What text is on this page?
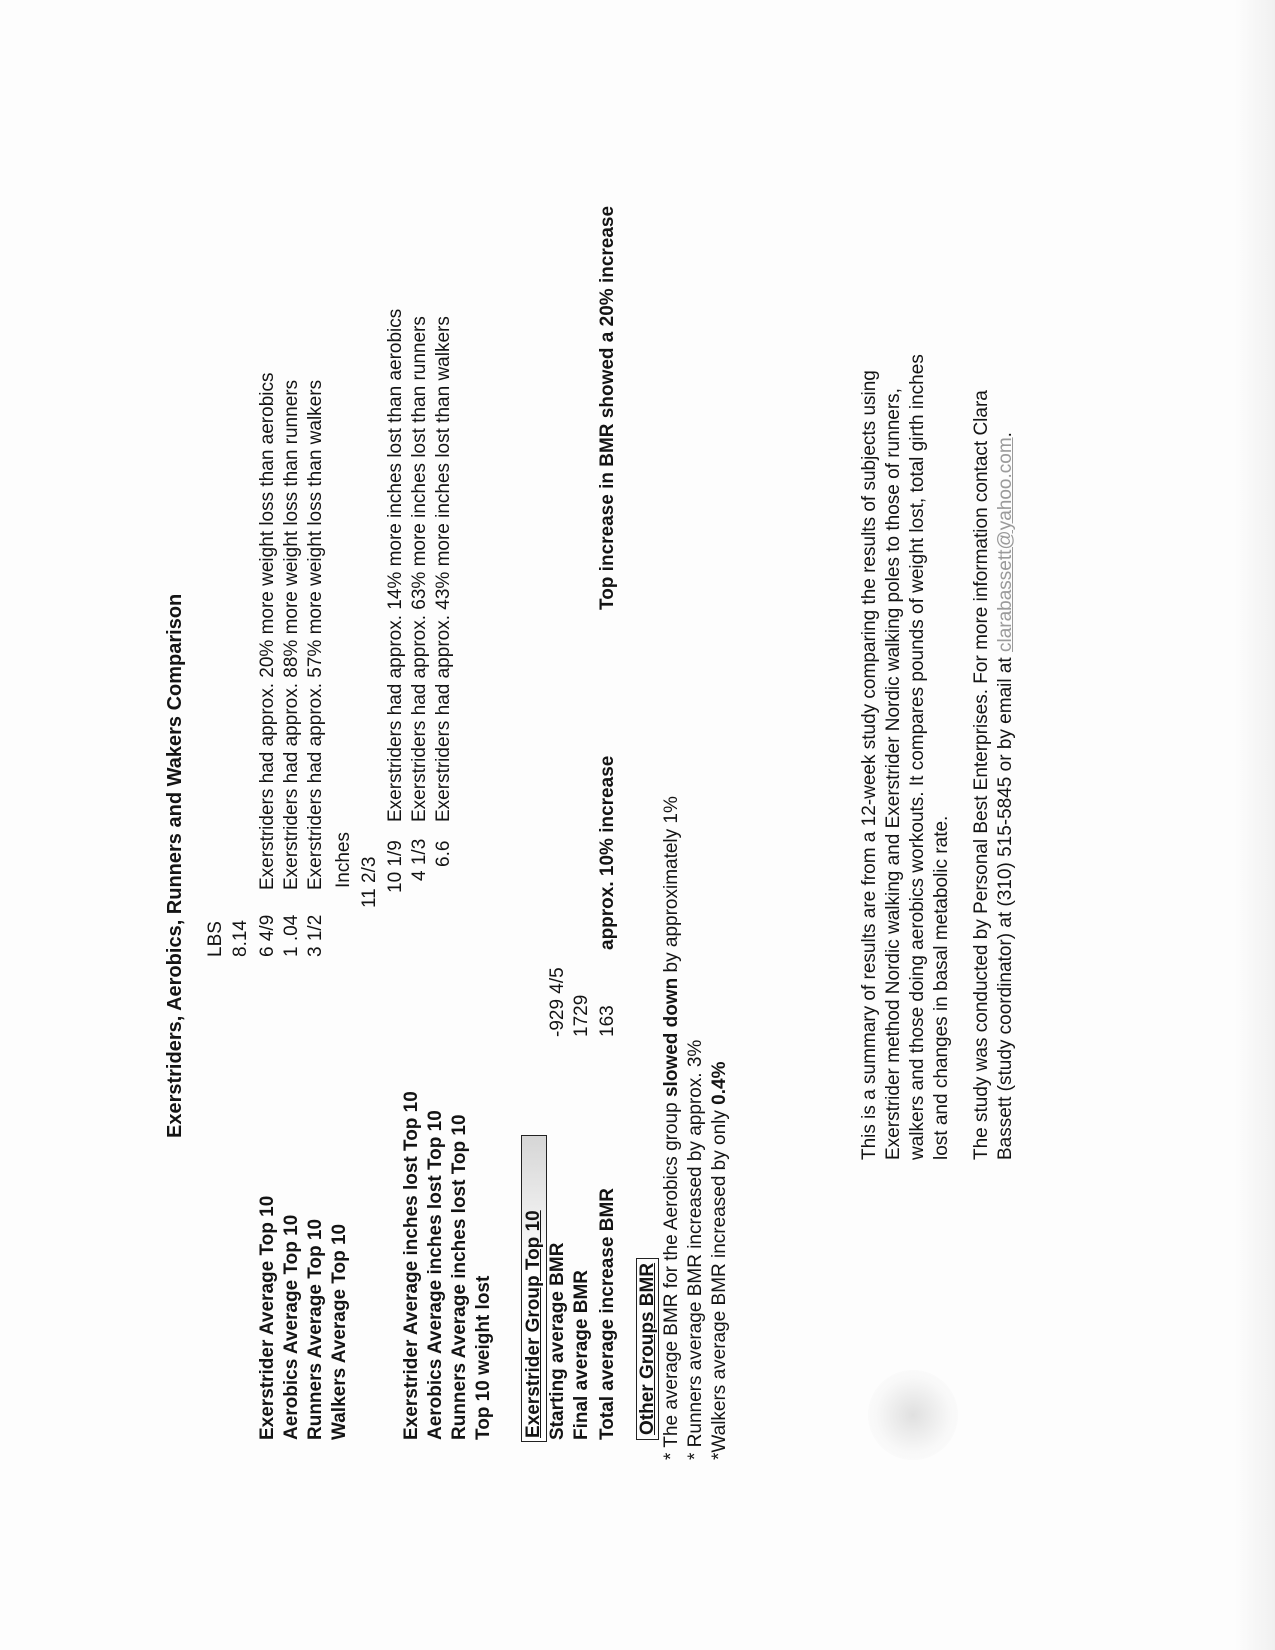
Exerstriders, Aerobics, Runners and Wakers Comparison LBS 8.14
Exerstrider Average Top 10 Aerobics Average Top 10
6 4/9
Exerstriders had approx. 20% more weight loss than aerobics
Runners Average Top 10
1 .04
Exerstriders had approx. 88% more weight loss than runners
Walkers Average Top 10
3 1/2
Exerstriders had approx. 57% more weight loss than walkers Inches 11 2/3
Exerstrider Average inches lost Top 10 Aerobics Average inches lost Top 10
10 1/9
Exerstriders had approx. 14% more inches lost than aerobics
Runners Average inches lost Top 10
4 1/3
Exerstriders had approx. 63% more inches lost than runners
Top 10 weight lost
6.6
Exerstriders had approx. 43% more inches lost than walkers
Exerstrider Group Top 10 Starting average BMR
-929 4/5
Final average BMR
1729
Total average increase BMR
163
approx. 10% increase
Top increase in BMR showed a 20% increase
Other Groups BMR * The average BMR for the Aerobics group slowed down by approximately 1%
* Runners average BMR increased by approx. 3% *Walkers average BMR increased by only 0.4%	This is a summary of results are from a 12-week study comparing the results of subjects using Exerstrider method Nordic walking and Exerstrider Nordic walking poles to those of runners, walkers and those doing aerobics workouts. It compares pounds of weight lost, total girth inches lost and changes in basal metabolic rate. The study was conducted by Personal Best Enterprises. For more information contact Clara Bassett (study coordinator) at (310) 515-5845 or by email at clarabassett@yahoo.com.
